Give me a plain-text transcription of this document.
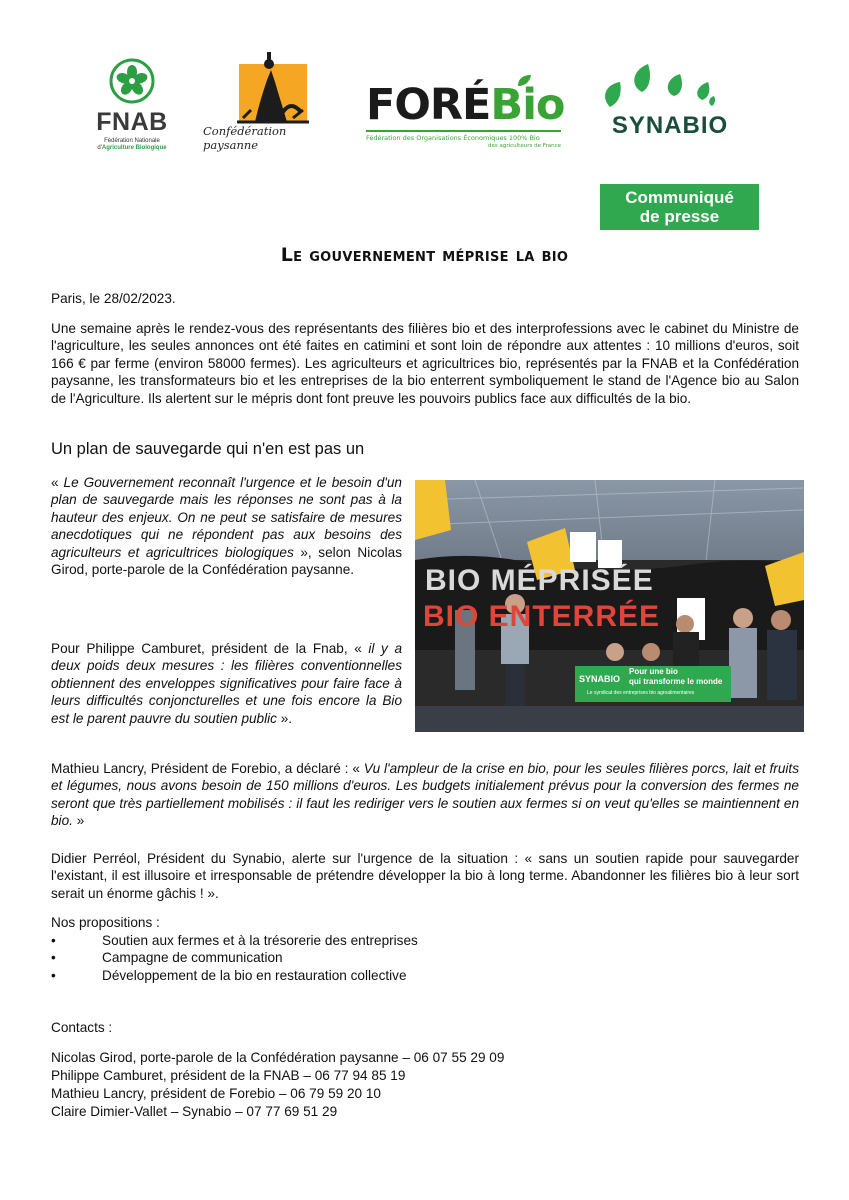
FNAB
Fédération Nationale
d'Agriculture Biologique
Confédération paysanne
FORÉBio
Fédération des Organisations Économiques 100% Bio
des agriculteurs de France
SYNABIO
Communiqué
de presse
Le gouvernement méprise la bio
Paris, le 28/02/2023.
Une semaine après le rendez-vous des représentants des filières bio et des interprofessions avec le cabinet du Ministre de l'agriculture, les seules annonces ont été faites en catimini et sont loin de répondre aux attentes : 10 millions d'euros, soit 166 € par ferme (environ 58000 fermes). Les agriculteurs et agricultrices bio, représentés par la FNAB et la Confédération paysanne, les transformateurs bio et les entreprises de la bio enterrent symboliquement le stand de l'Agence bio au Salon de l'Agriculture. Ils alertent sur le mépris dont font preuve les pouvoirs publics face aux difficultés de la bio.
Un plan de sauvegarde qui n'en est pas un
« Le Gouvernement reconnaît l'urgence et le besoin d'un plan de sauvegarde mais les réponses ne sont pas à la hauteur des enjeux. On ne peut se satisfaire de mesures anecdotiques qui ne répondent pas aux besoins des agriculteurs et agricultrices biologiques », selon Nicolas Girod, porte-parole de la Confédération paysanne.
Pour Philippe Camburet, président de la Fnab, « il y a deux poids deux mesures : les filières conventionnelles obtiennent des enveloppes significatives pour faire face à leurs difficultés conjoncturelles et une fois encore la Bio est le parent pauvre du soutien public ».
BIO MÉPRISÉE
BIO ENTERRÉE
SYNABIO
Pour une bio
qui transforme le monde
Le syndicat des entreprises bio agroalimentaires
Mathieu Lancry, Président de Forebio, a déclaré : « Vu l'ampleur de la crise en bio, pour les seules filières porcs, lait et fruits et légumes, nous avons besoin de 150 millions d'euros. Les budgets initialement prévus pour la conversion des fermes ne seront que très partiellement mobilisés : il faut les rediriger vers le soutien aux fermes si on veut qu'elles se maintiennent en bio. »
Didier Perréol, Président du Synabio, alerte sur l'urgence de la situation : « sans un soutien rapide pour sauvegarder l'existant, il est illusoire et irresponsable de prétendre développer la bio à long terme. Abandonner les filières bio à leur sort serait un énorme gâchis ! ».
Nos propositions :
•	Soutien aux fermes et à la trésorerie des entreprises
•	Campagne de communication
•	Développement de la bio en restauration collective
Contacts :
Nicolas Girod, porte-parole de la Confédération paysanne – 06 07 55 29 09
Philippe Camburet, président de la FNAB – 06 77 94 85 19
Mathieu Lancry, président de Forebio – 06 79 59 20 10
Claire Dimier-Vallet – Synabio – 07 77 69 51 29
